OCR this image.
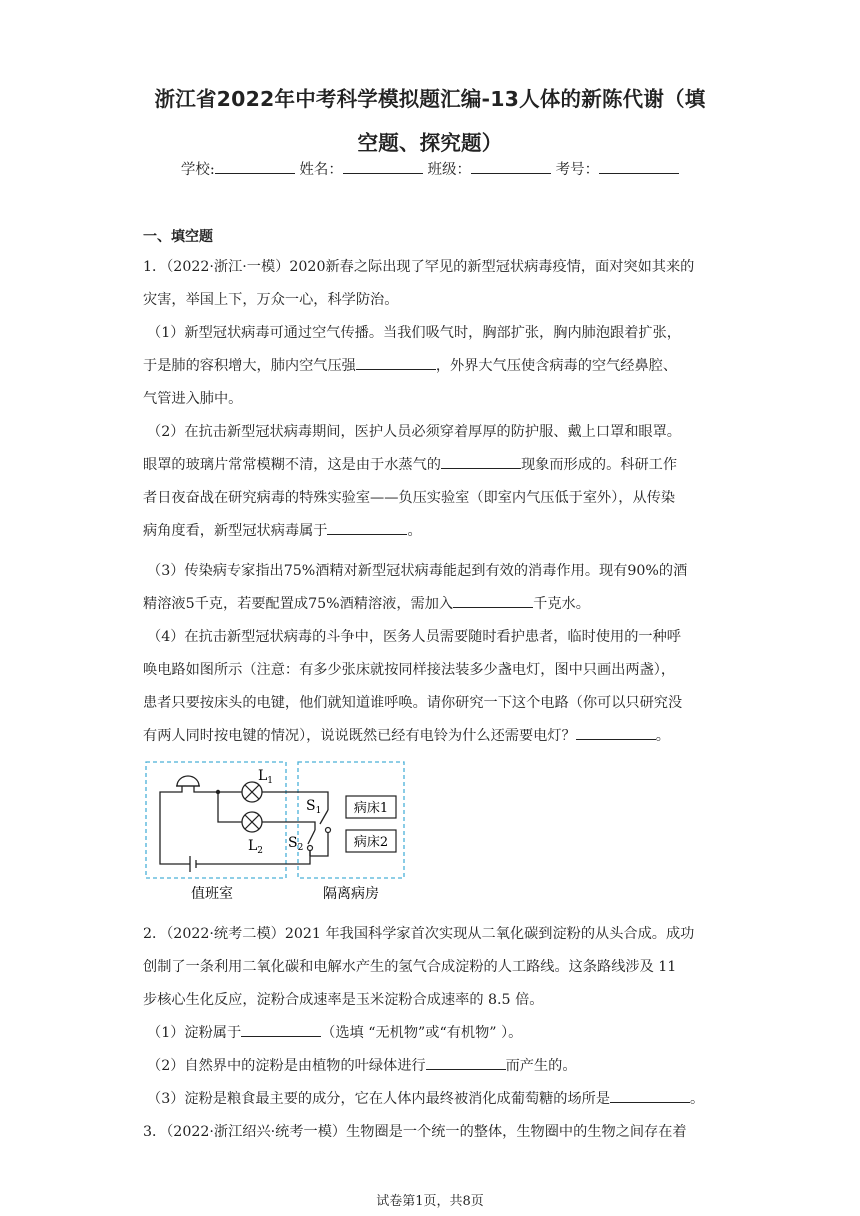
浙江省2022年中考科学模拟题汇编-13人体的新陈代谢（填
空题、探究题）
学校:	姓名：	班级：	考号：
一、填空题
1．（2022·浙江·一模）2020新春之际出现了罕见的新型冠状病毒疫情，面对突如其来的
灾害，举国上下，万众一心，科学防治。
（1）新型冠状病毒可通过空气传播。当我们吸气时，胸部扩张，胸内肺泡跟着扩张，
于是肺的容积增大，肺内空气压强	，外界大气压使含病毒的空气经鼻腔、
气管进入肺中。
（2）在抗击新型冠状病毒期间，医护人员必须穿着厚厚的防护服、戴上口罩和眼罩。
眼罩的玻璃片常常模糊不清，这是由于水蒸气的	现象而形成的。科研工作
者日夜奋战在研究病毒的特殊实验室——负压实验室（即室内气压低于室外），从传染
病角度看，新型冠状病毒属于	。
（3）传染病专家指出75%酒精对新型冠状病毒能起到有效的消毒作用。现有90%的酒
精溶液5千克，若要配置成75%酒精溶液，需加入	千克水。
（4）在抗击新型冠状病毒的斗争中，医务人员需要随时看护患者，临时使用的一种呼
唤电路如图所示（注意：有多少张床就按同样接法装多少盏电灯，图中只画出两盏），
患者只要按床头的电键，他们就知道谁呼唤。请你研究一下这个电路（你可以只研究没
有两人同时按电键的情况），说说既然已经有电铃为什么还需要电灯？	。
$L_1$
$L_2$
$S_1$
$S_2$
病床1
病床2
值班室	隔离病房
2．（2022·统考二模）2021 年我国科学家首次实现从二氧化碳到淀粉的从头合成。成功
创制了一条利用二氧化碳和电解水产生的氢气合成淀粉的人工路线。这条路线涉及 11
步核心生化反应，淀粉合成速率是玉米淀粉合成速率的 8.5 倍。
（1）淀粉属于	（选填 “无机物”或“有机物” ）。
（2）自然界中的淀粉是由植物的叶绿体进行	而产生的。
（3）淀粉是粮食最主要的成分，它在人体内最终被消化成葡萄糖的场所是	。
3．（2022·浙江绍兴·统考一模）生物圈是一个统一的整体，生物圈中的生物之间存在着
试卷第1页，共8页
